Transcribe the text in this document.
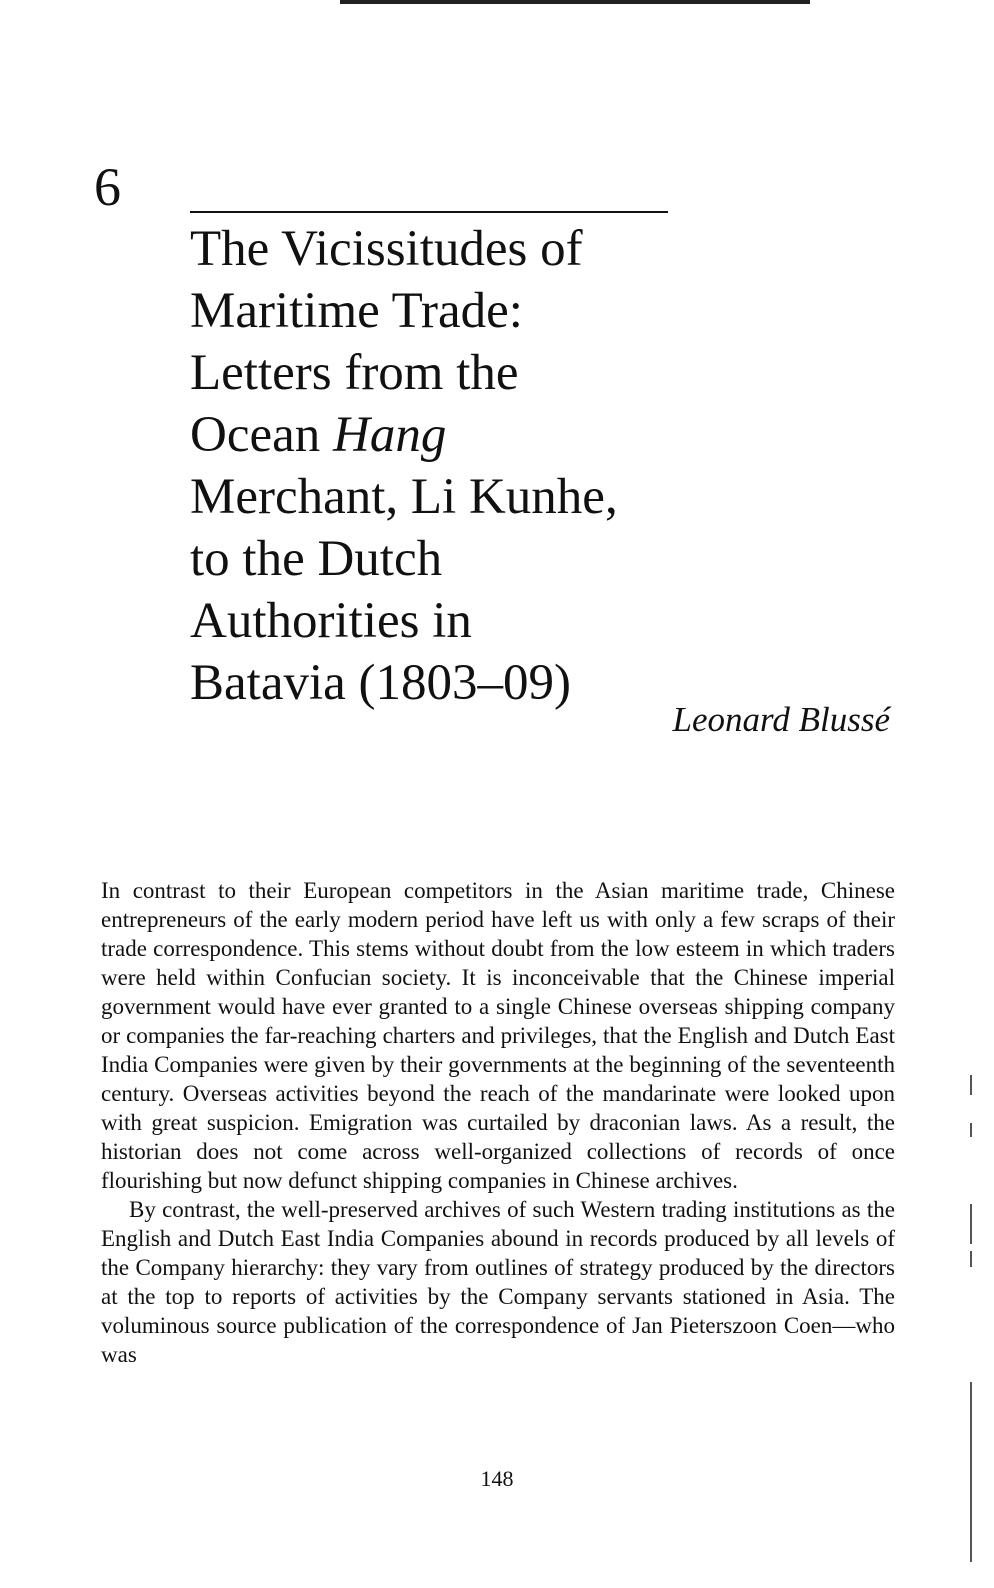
6
The Vicissitudes of
Maritime Trade:
Letters from the
Ocean Hang
Merchant, Li Kunhe,
to the Dutch
Authorities in
Batavia (1803–09)
Leonard Blussé

In contrast to their European competitors in the Asian maritime trade, Chinese entrepreneurs of the early modern period have left us with only a few scraps of their trade correspondence. This stems without doubt from the low esteem in which traders were held within Confucian society. It is inconceivable that the Chinese imperial government would have ever granted to a single Chinese overseas shipping company or companies the far-reaching charters and privileges, that the English and Dutch East India Companies were given by their governments at the beginning of the seventeenth century. Overseas activities beyond the reach of the mandarinate were looked upon with great suspicion. Emigration was curtailed by draconian laws. As a result, the historian does not come across well-organized collections of records of once flourishing but now defunct shipping companies in Chinese archives.

By contrast, the well-preserved archives of such Western trading institutions as the English and Dutch East India Companies abound in records produced by all levels of the Company hierarchy: they vary from outlines of strategy produced by the directors at the top to reports of activities by the Company servants stationed in Asia. The voluminous source publication of the correspondence of Jan Pieterszoon Coen—who was

148
